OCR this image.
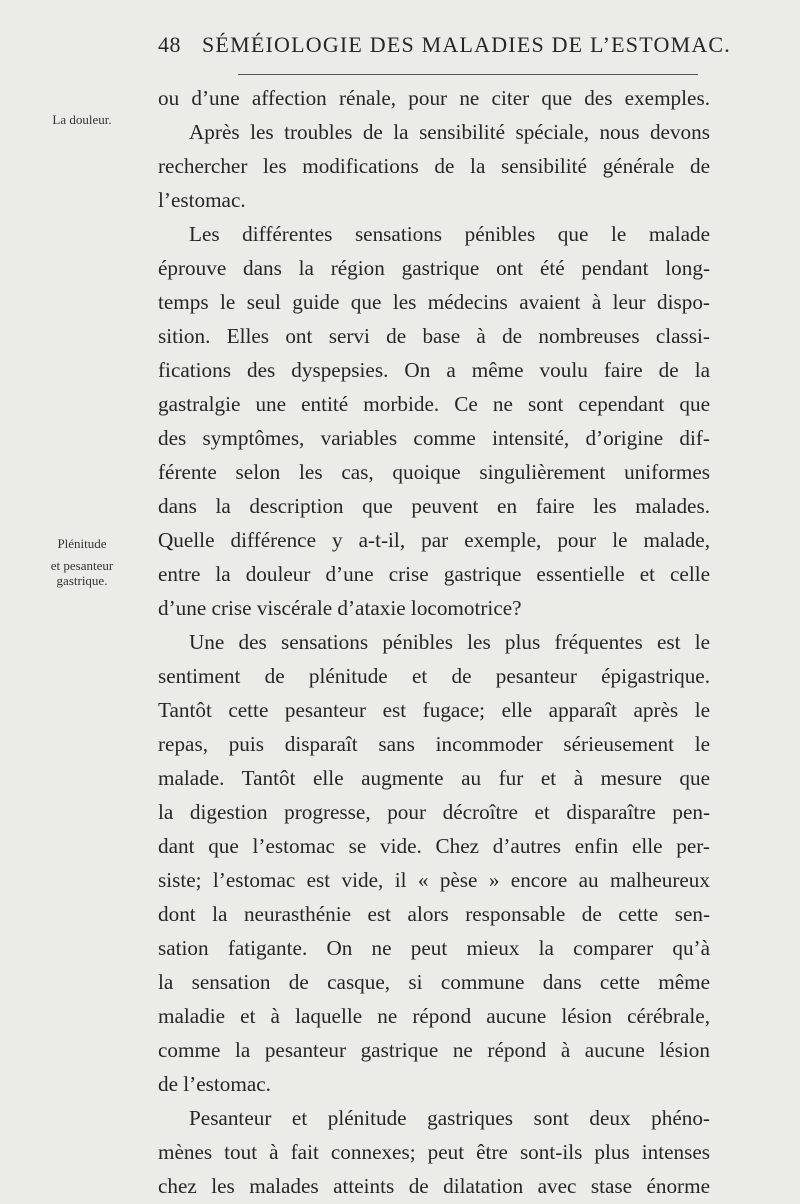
48 SÉMÉIOLOGIE DES MALADIES DE L’ESTOMAC.
La douleur.
Plénitude
et pesanteur
gastrique.
ou d’une affection rénale, pour ne citer que des exemples.
Après les troubles de la sensibilité spéciale, nous devons
rechercher les modifications de la sensibilité générale de
l’estomac.
Les différentes sensations pénibles que le malade
éprouve dans la région gastrique ont été pendant long-
temps le seul guide que les médecins avaient à leur dispo-
sition. Elles ont servi de base à de nombreuses classi-
fications des dyspepsies. On a même voulu faire de la
gastralgie une entité morbide. Ce ne sont cependant que
des symptômes, variables comme intensité, d’origine dif-
férente selon les cas, quoique singulièrement uniformes
dans la description que peuvent en faire les malades.
Quelle différence y a-t-il, par exemple, pour le malade,
entre la douleur d’une crise gastrique essentielle et celle
d’une crise viscérale d’ataxie locomotrice?
Une des sensations pénibles les plus fréquentes est le
sentiment de plénitude et de pesanteur épigastrique.
Tantôt cette pesanteur est fugace; elle apparaît après le
repas, puis disparaît sans incommoder sérieusement le
malade. Tantôt elle augmente au fur et à mesure que
la digestion progresse, pour décroître et disparaître pen-
dant que l’estomac se vide. Chez d’autres enfin elle per-
siste; l’estomac est vide, il « pèse » encore au malheureux
dont la neurasthénie est alors responsable de cette sen-
sation fatigante. On ne peut mieux la comparer qu’à
la sensation de casque, si commune dans cette même
maladie et à laquelle ne répond aucune lésion cérébrale,
comme la pesanteur gastrique ne répond à aucune lésion
de l’estomac.
Pesanteur et plénitude gastriques sont deux phéno-
mènes tout à fait connexes; peut être sont-ils plus intenses
chez les malades atteints de dilatation avec stase énorme
